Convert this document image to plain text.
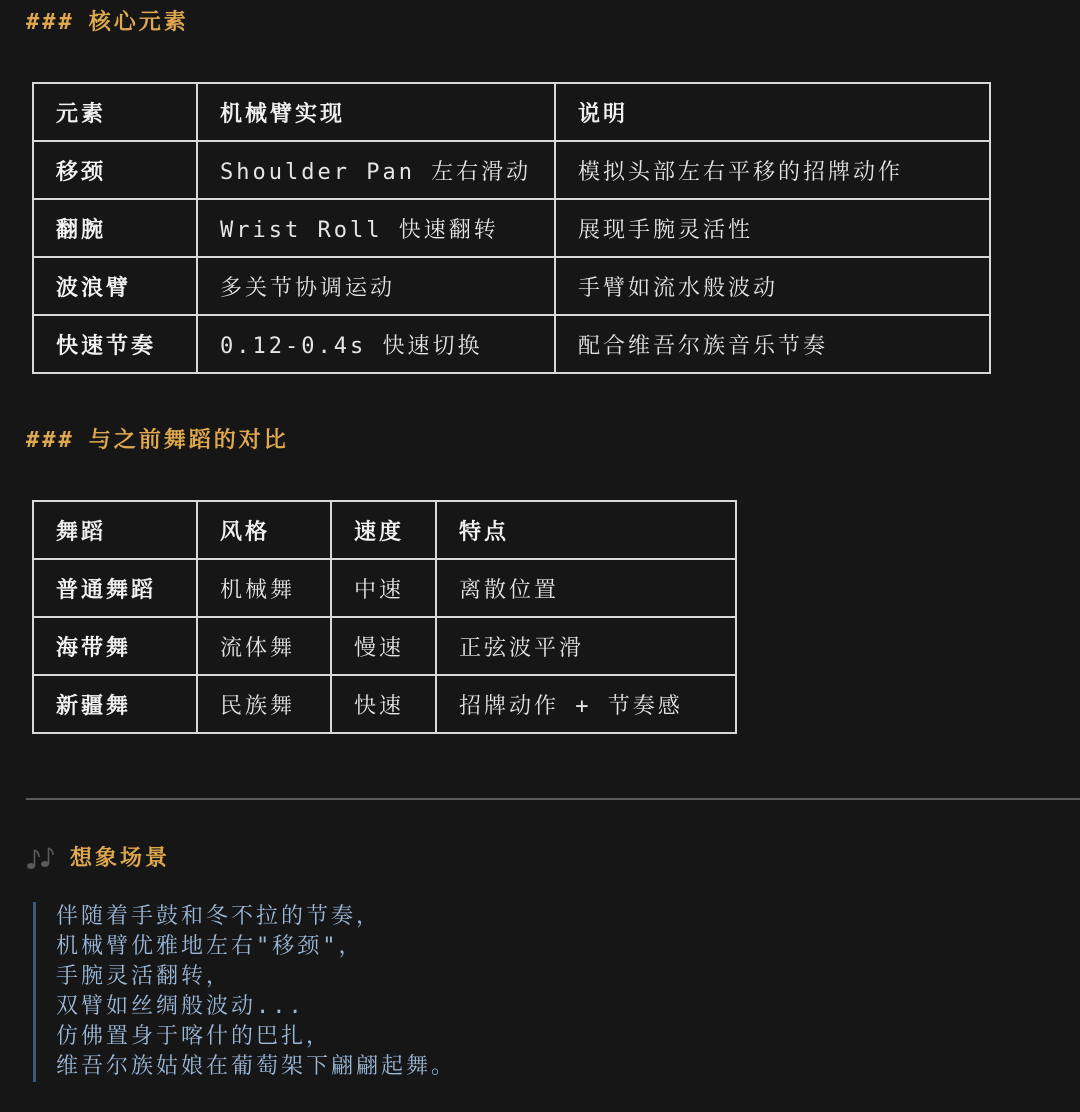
### 核心元素
元素	机械臂实现	说明
移颈	Shoulder Pan 左右滑动	模拟头部左右平移的招牌动作
翻腕	Wrist Roll 快速翻转	展现手腕灵活性
波浪臂	多关节协调运动	手臂如流水般波动
快速节奏	0.12-0.4s 快速切换	配合维吾尔族音乐节奏
### 与之前舞蹈的对比
舞蹈	风格	速度	特点
普通舞蹈	机械舞	中速	离散位置
海带舞	流体舞	慢速	正弦波平滑
新疆舞	民族舞	快速	招牌动作 + 节奏感
想象场景
伴随着手鼓和冬不拉的节奏，
机械臂优雅地左右"移颈"，
手腕灵活翻转，
双臂如丝绸般波动...
仿佛置身于喀什的巴扎，
维吾尔族姑娘在葡萄架下翩翩起舞。
